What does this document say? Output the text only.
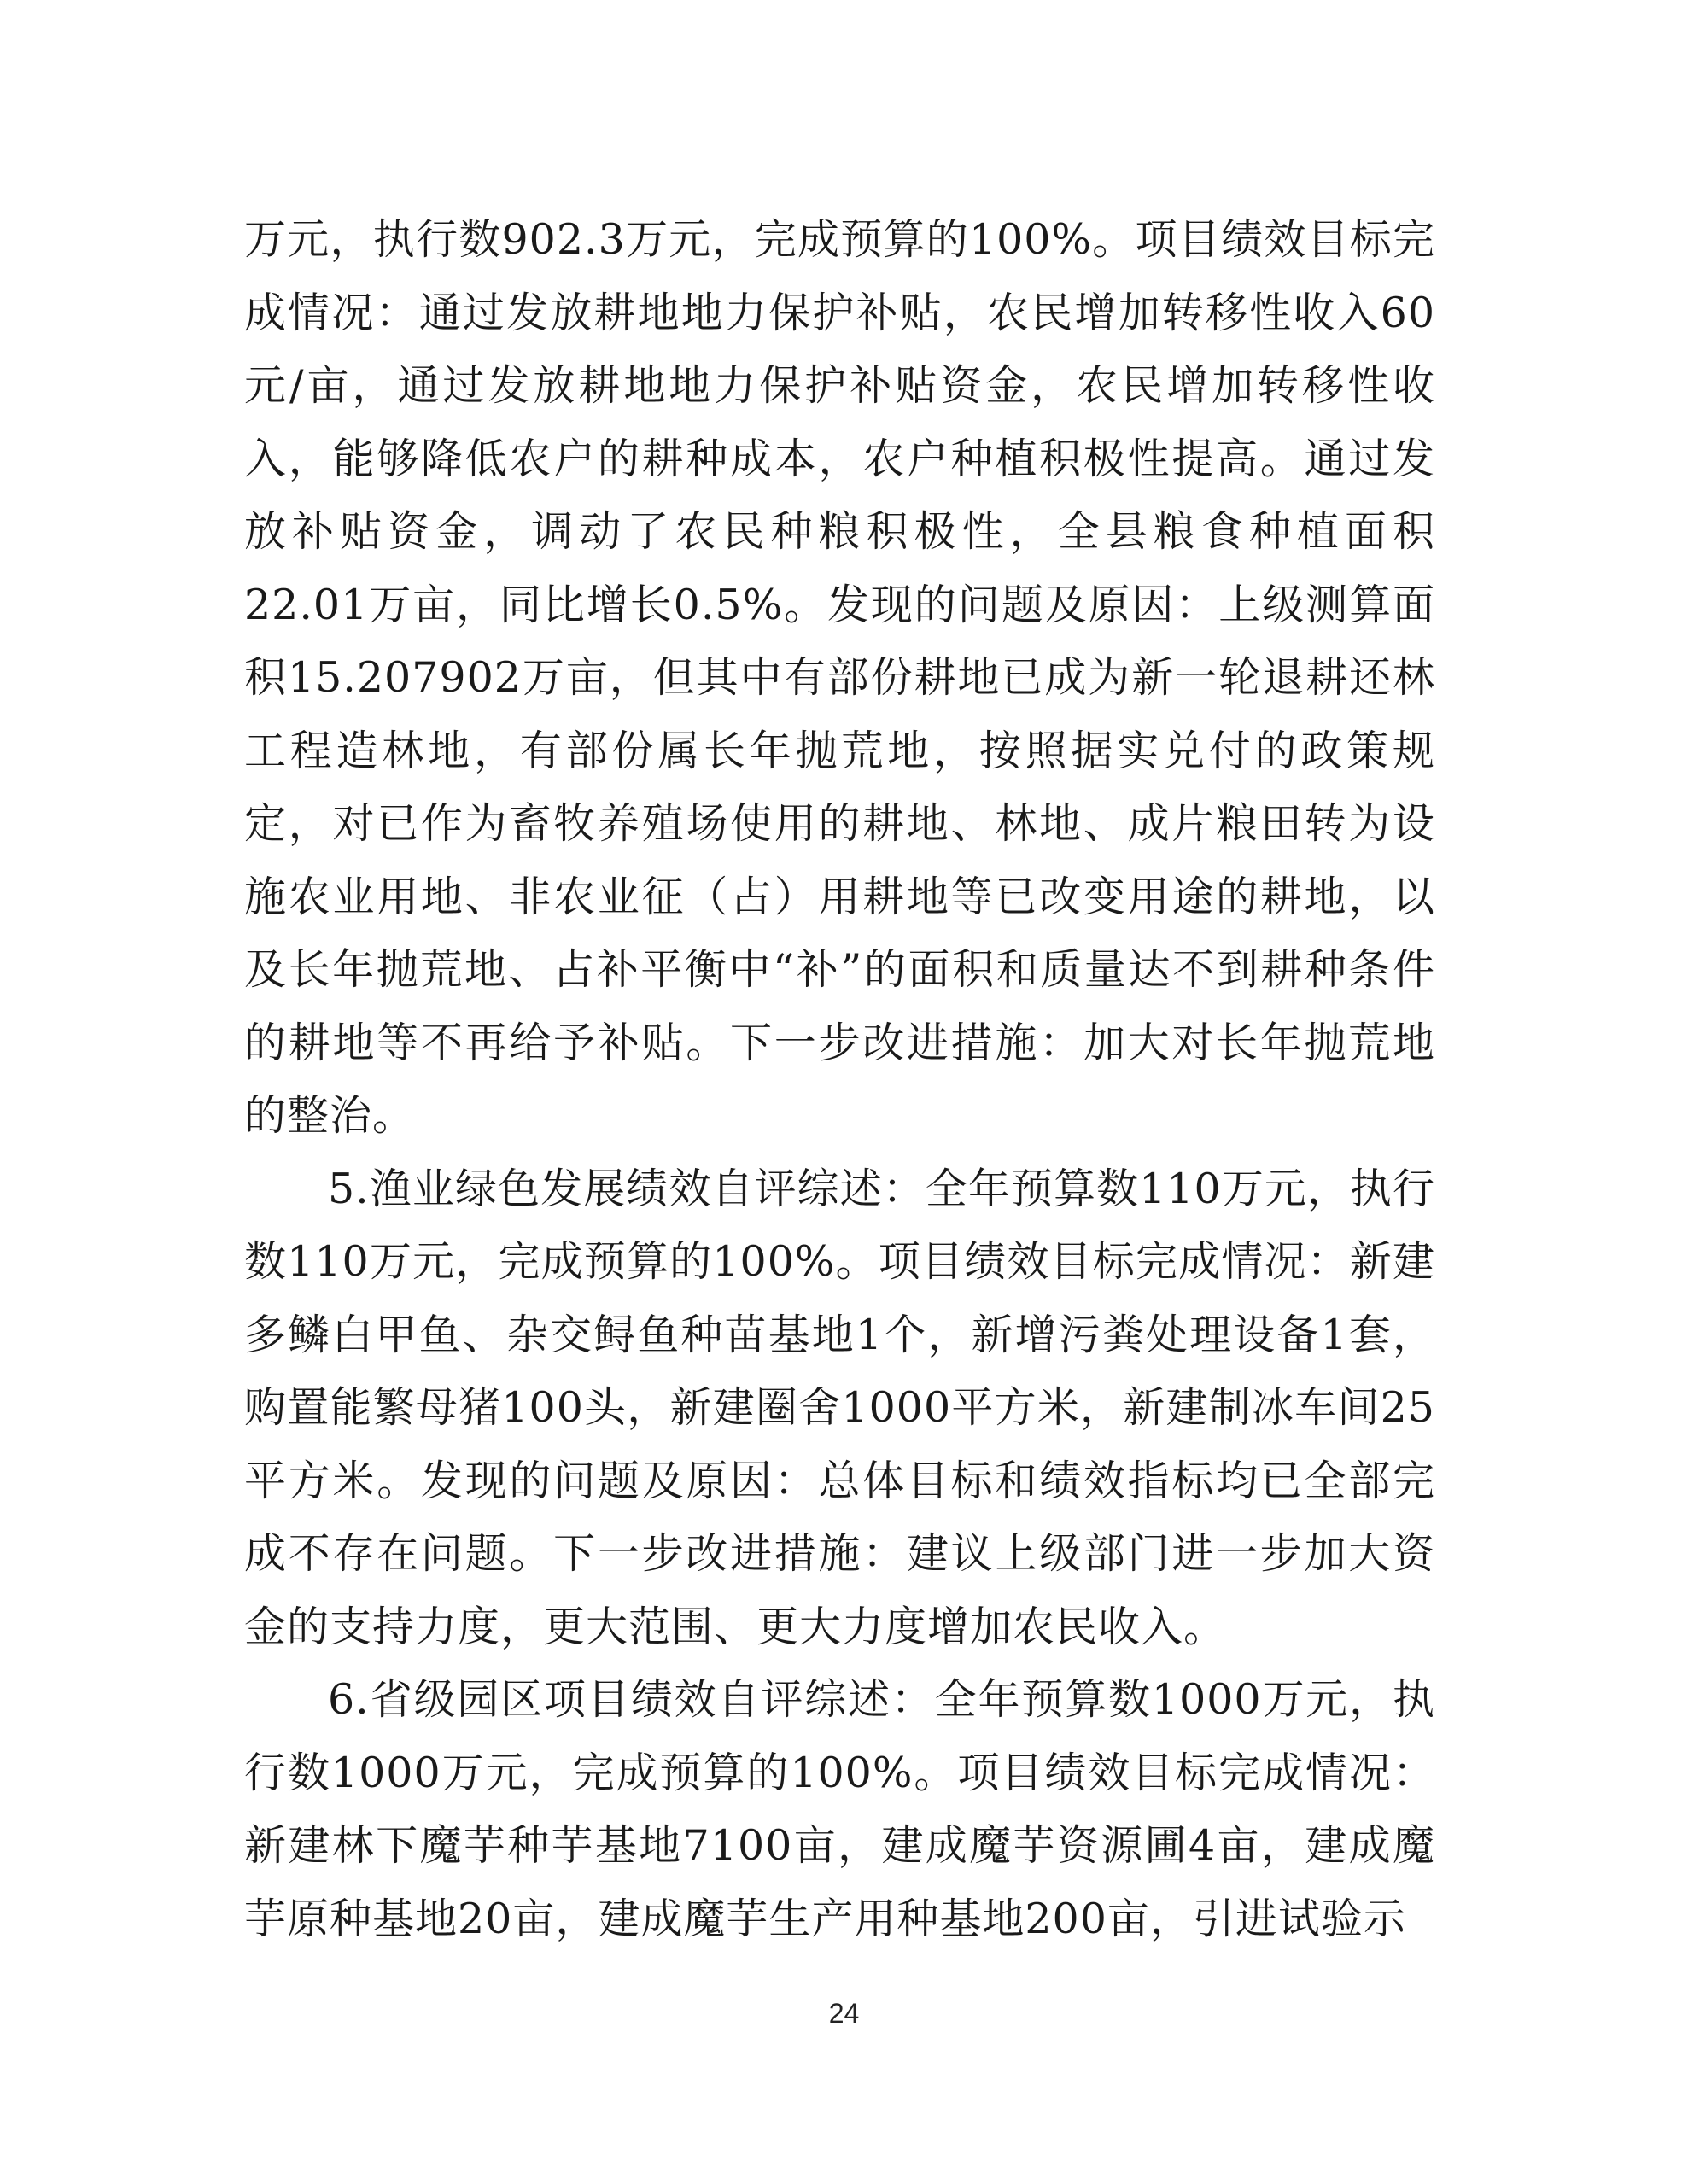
万元，执行数902.3万元，完成预算的100%。项目绩效目标完成情况：通过发放耕地地力保护补贴，农民增加转移性收入60元/亩，通过发放耕地地力保护补贴资金，农民增加转移性收入，能够降低农户的耕种成本，农户种植积极性提高。通过发放补贴资金，调动了农民种粮积极性，全县粮食种植面积22.01万亩，同比增长0.5%。发现的问题及原因：上级测算面积15.207902万亩，但其中有部份耕地已成为新一轮退耕还林工程造林地，有部份属长年抛荒地，按照据实兑付的政策规定，对已作为畜牧养殖场使用的耕地、林地、成片粮田转为设施农业用地、非农业征（占）用耕地等已改变用途的耕地，以及长年抛荒地、占补平衡中“补”的面积和质量达不到耕种条件的耕地等不再给予补贴。下一步改进措施：加大对长年抛荒地的整治。

5.渔业绿色发展绩效自评综述：全年预算数110万元，执行数110万元，完成预算的100%。项目绩效目标完成情况：新建多鳞白甲鱼、杂交鲟鱼种苗基地1个，新增污粪处理设备1套，购置能繁母猪100头，新建圈舍1000平方米，新建制冰车间25平方米。发现的问题及原因：总体目标和绩效指标均已全部完成不存在问题。下一步改进措施：建议上级部门进一步加大资金的支持力度，更大范围、更大力度增加农民收入。

6.省级园区项目绩效自评综述：全年预算数1000万元，执行数1000万元，完成预算的100%。项目绩效目标完成情况：新建林下魔芋种芋基地7100亩，建成魔芋资源圃4亩，建成魔芋原种基地20亩，建成魔芋生产用种基地200亩，引进试验示

24
